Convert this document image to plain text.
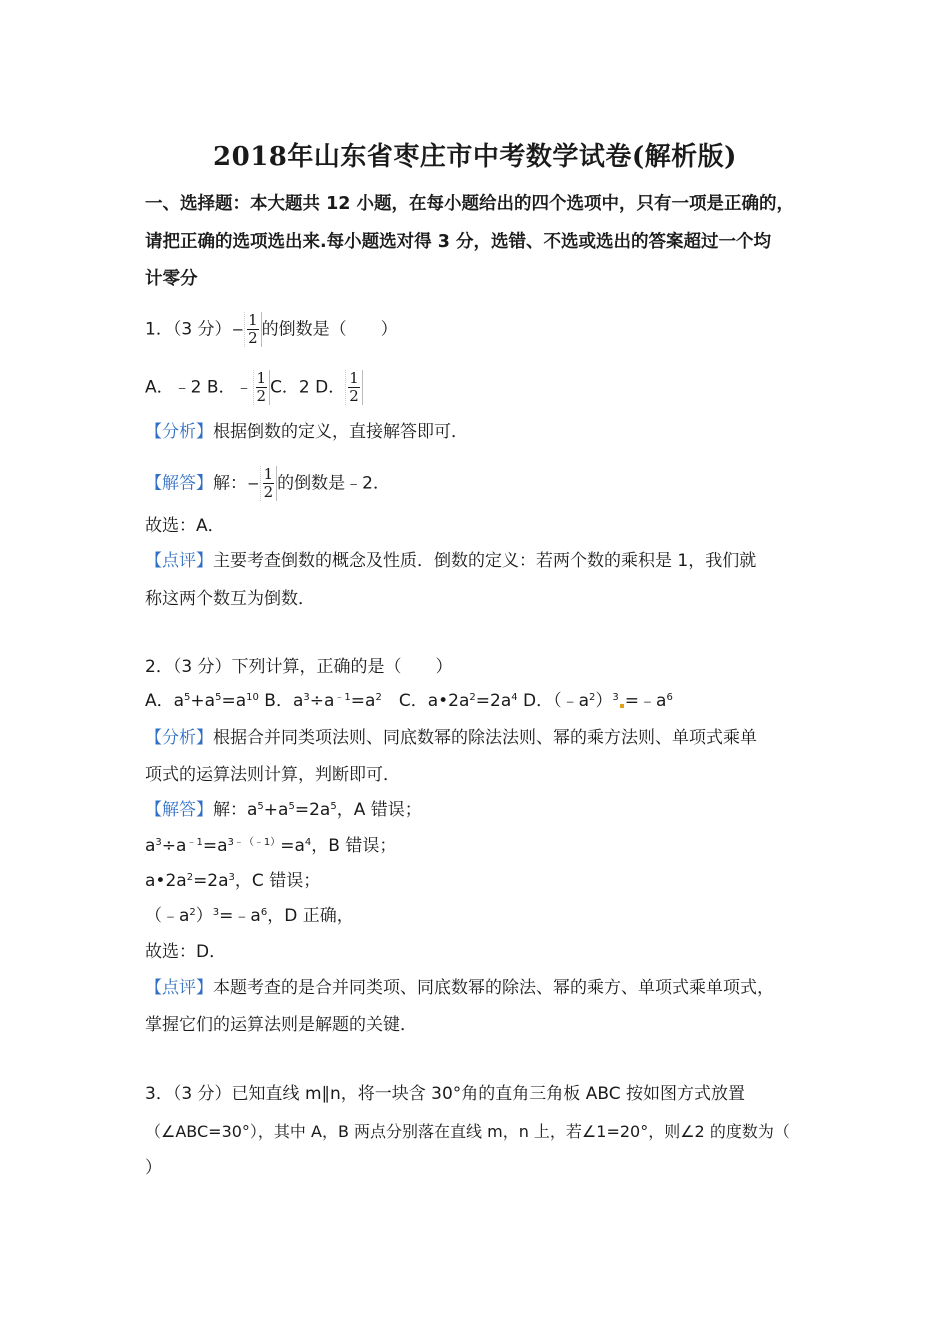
2018年山东省枣庄市中考数学试卷(解析版)
一、选择题：本大题共 12 小题，在每小题给出的四个选项中，只有一项是正确的，
请把正确的选项选出来.每小题选对得 3 分，选错、不选或选出的答案超过一个均
计零分
1．（3 分）− $\frac{1}{2}$ 的倒数是（　　）
A．﹣2 B．﹣ $\frac{1}{2}$ C．2 D． $\frac{1}{2}$
【分析】根据倒数的定义，直接解答即可．
【解答】解：− $\frac{1}{2}$ 的倒数是﹣2．
故选：A．
【点评】主要考查倒数的概念及性质．倒数的定义：若两个数的乘积是 1，我们就
称这两个数互为倒数．
2．（3 分）下列计算，正确的是（　　）
A．$a^5+a^5=a^{10}$ B．$a^3\div a^{﹣1}=a^2$　C．$a•2a^2=2a^4$ D．$(﹣a^2)^3$ $=﹣a^6$
【分析】根据合并同类项法则、同底数幂的除法法则、幂的乘方法则、单项式乘单
项式的运算法则计算，判断即可．
【解答】解：$a^5+a^5=2a^5$，A 错误；
$a^3\div a^{﹣1}=a^{3﹣(﹣1)}=a^4$，B 错误；
$a•2a^2=2a^3$，C 错误；
$(﹣a^2)^3=﹣a^6$，D 正确，
故选：D．
【点评】本题考查的是合并同类项、同底数幂的除法、幂的乘方、单项式乘单项式，
掌握它们的运算法则是解题的关键．
3．（3 分）已知直线 m∥n，将一块含 30°角的直角三角板 ABC 按如图方式放置
（∠ABC=30°），其中 A，B 两点分别落在直线 m，n 上，若∠1=20°，则∠2 的度数为（
）
